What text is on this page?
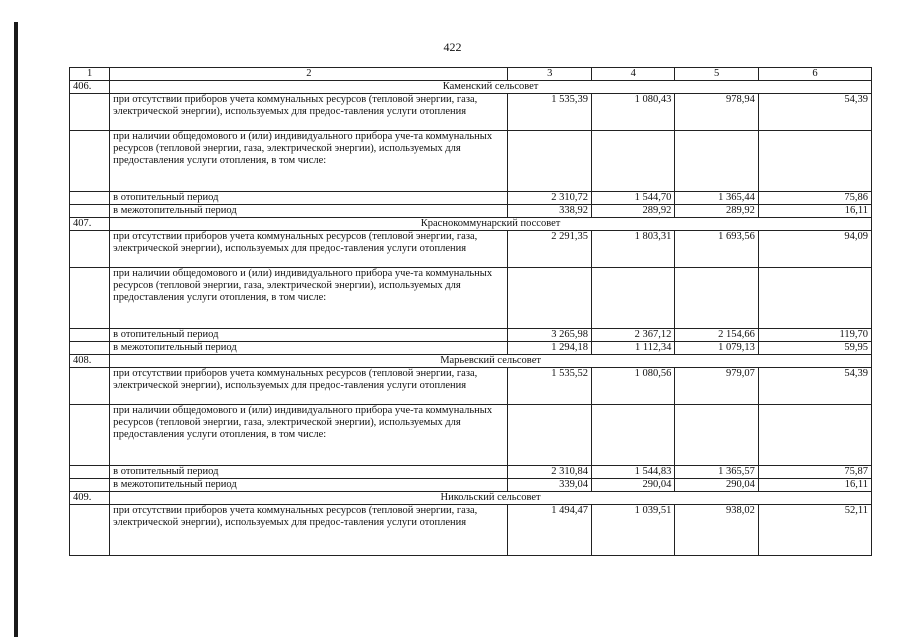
422
1	2	3	4	5	6
406.	Каменский сельсовет				
	при отсутствии приборов учета коммунальных ресурсов (тепловой энергии, газа, электрической энергии), используемых для предос-тавления услуги отопления	1 535,39	1 080,43	978,94	54,39
	при наличии общедомового и (или) индивидуального прибора уче-та коммунальных ресурсов (тепловой энергии, газа, электрической энергии), используемых для предоставления услуги отопления, в том числе:				
	в отопительный период	2 310,72	1 544,70	1 365,44	75,86
	в межотопительный период	338,92	289,92	289,92	16,11
407.	Краснокоммунарский поссовет				
	при отсутствии приборов учета коммунальных ресурсов (тепловой энергии, газа, электрической энергии), используемых для предос-тавления услуги отопления	2 291,35	1 803,31	1 693,56	94,09
	при наличии общедомового и (или) индивидуального прибора уче-та коммунальных ресурсов (тепловой энергии, газа, электрической энергии), используемых для предоставления услуги отопления, в том числе:				
	в отопительный период	3 265,98	2 367,12	2 154,66	119,70
	в межотопительный период	1 294,18	1 112,34	1 079,13	59,95
408.	Марьевский сельсовет				
	при отсутствии приборов учета коммунальных ресурсов (тепловой энергии, газа, электрической энергии), используемых для предос-тавления услуги отопления	1 535,52	1 080,56	979,07	54,39
	при наличии общедомового и (или) индивидуального прибора уче-та коммунальных ресурсов (тепловой энергии, газа, электрической энергии), используемых для предоставления услуги отопления, в том числе:				
	в отопительный период	2 310,84	1 544,83	1 365,57	75,87
	в межотопительный период	339,04	290,04	290,04	16,11
409.	Никольский сельсовет				
	при отсутствии приборов учета коммунальных ресурсов (тепловой энергии, газа, электрической энергии), используемых для предос-тавления услуги отопления	1 494,47	1 039,51	938,02	52,11
